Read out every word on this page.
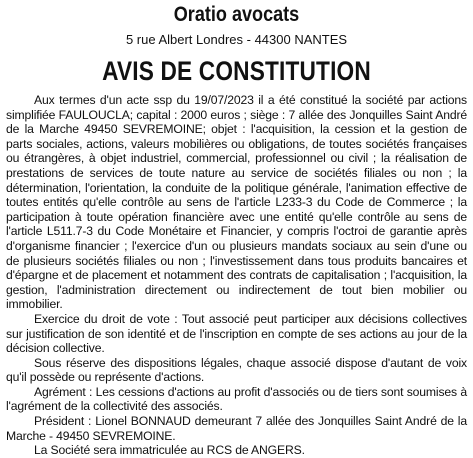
Oratio avocats
5 rue Albert Londres - 44300 NANTES
AVIS DE CONSTITUTION

Aux termes d'un acte ssp du 19/07/2023 il a été constitué la société par actions simplifiée FAULOUCLA; capital : 2000 euros ; siège : 7 allée des Jonquilles Saint André de la Marche 49450 SEVREMOINE; objet : l'acquisition, la cession et la gestion de parts sociales, actions, valeurs mobilières ou obligations, de toutes sociétés françaises ou étrangères, à objet industriel, commercial, professionnel ou civil ; la réalisation de prestations de services de toute nature au service de sociétés filiales ou non ; la détermination, l'orientation, la conduite de la politique générale, l'animation effective de toutes entités qu'elle contrôle au sens de l'article L233-3 du Code de Commerce ; la participation à toute opération financière avec une entité qu'elle contrôle au sens de l'article L511.7-3 du Code Monétaire et Financier, y compris l'octroi de garantie après d'organisme financier ; l'exercice d'un ou plusieurs mandats sociaux au sein d'une ou de plusieurs sociétés filiales ou non ; l'investissement dans tous produits bancaires et d'épargne et de placement et notamment des contrats de capitalisation ; l'acquisition, la gestion, l'administration directement ou indirectement de tout bien mobilier ou immobilier.

Exercice du droit de vote : Tout associé peut participer aux décisions collectives sur justification de son identité et de l'inscription en compte de ses actions au jour de la décision collective.

Sous réserve des dispositions légales, chaque associé dispose d'autant de voix qu'il possède ou représente d'actions.

Agrément : Les cessions d'actions au profit d'associés ou de tiers sont soumises à l'agrément de la collectivité des associés.

Président : Lionel BONNAUD demeurant 7 allée des Jonquilles Saint André de la Marche - 49450 SEVREMOINE.

La Société sera immatriculée au RCS de ANGERS.
